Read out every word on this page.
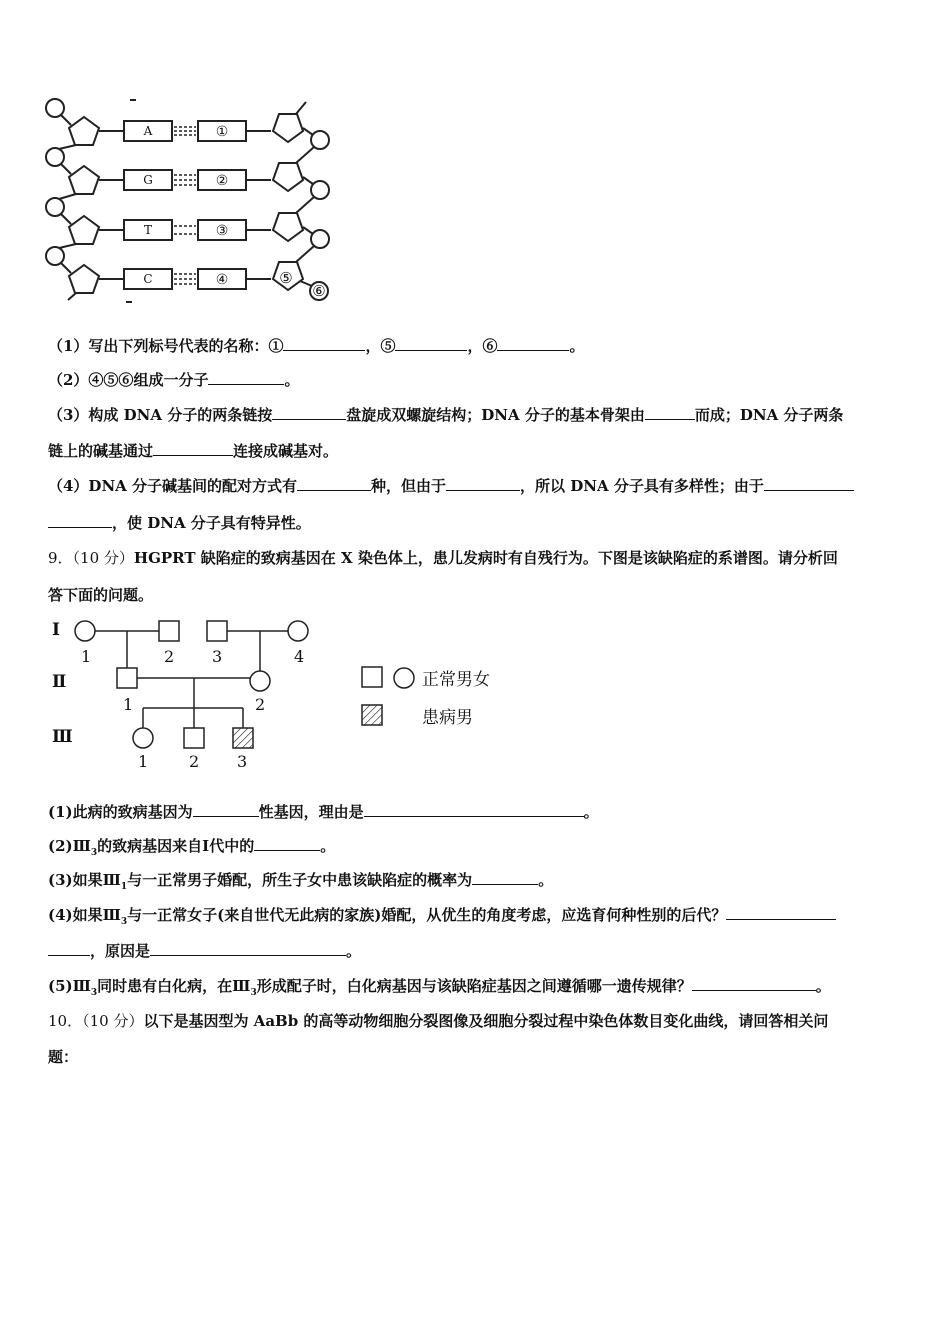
A
G
T
C
①
②
③
④	⑤
⑥
（1）写出下列标号代表的名称：①	，⑤	，⑥	。
（2）④⑤⑥组成一分子	。
（3）构成 DNA 分子的两条链按	盘旋成双螺旋结构；DNA 分子的基本骨架由	而成；DNA 分子两条
链上的碱基通过	连接成碱基对。
（4）DNA 分子碱基间的配对方式有	种，但由于	，所以 DNA 分子具有多样性；由于
，使 DNA 分子具有特异性。
9．（10 分）HGPRT 缺陷症的致病基因在 X 染色体上，患儿发病时有自残行为。下图是该缺陷症的系谱图。请分析回
答下面的问题。
Ⅰ
Ⅱ
Ⅲ
1	2 3	4
1	2
1	2 3
正常男女
患病男
(1)此病的致病基因为	性基因，理由是	。
$(2)Ⅲ_3$的致病基因来自Ⅰ代中的	。
(3)如果$Ⅲ_1$与一正常男子婚配，所生子女中患该缺陷症的概率为	。
(4)如果$Ⅲ_3$与一正常女子(来自世代无此病的家族)婚配，从优生的角度考虑，应选育何种性别的后代？
，原因是	。
$(5)Ⅲ_3$同时患有白化病，在$Ⅲ_3$形成配子时，白化病基因与该缺陷症基因之间遵循哪一遗传规律？	。
10．（10 分）以下是基因型为 AaBb 的高等动物细胞分裂图像及细胞分裂过程中染色体数目变化曲线，请回答相关问
题：
